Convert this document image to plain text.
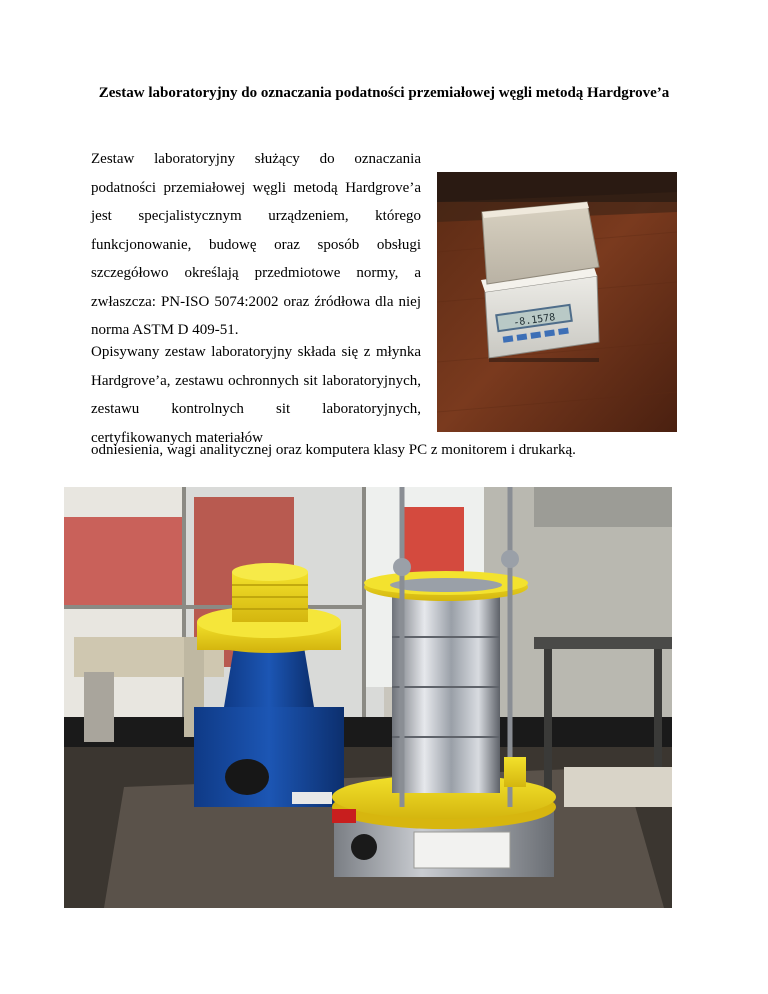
Zestaw laboratoryjny do oznaczania podatności przemiałowej węgli metodą Hardgrove’a

Zestaw laboratoryjny służący do oznaczania podatności przemiałowej węgli metodą Hardgrove’a jest specjalistycznym urządzeniem, którego funkcjonowanie, budowę oraz sposób obsługi szczegółowo określają przedmiotowe normy, a zwłaszcza: PN-ISO 5074:2002 oraz źródłowa dla niej norma ASTM D 409-51.

Opisywany zestaw laboratoryjny składa się z młynka Hardgrove’a, zestawu ochronnych sit laboratoryjnych, zestawu kontrolnych sit laboratoryjnych, certyfikowanych materiałów

odniesienia, wagi analitycznej oraz komputera klasy PC z monitorem i drukarką.

-8.1578
